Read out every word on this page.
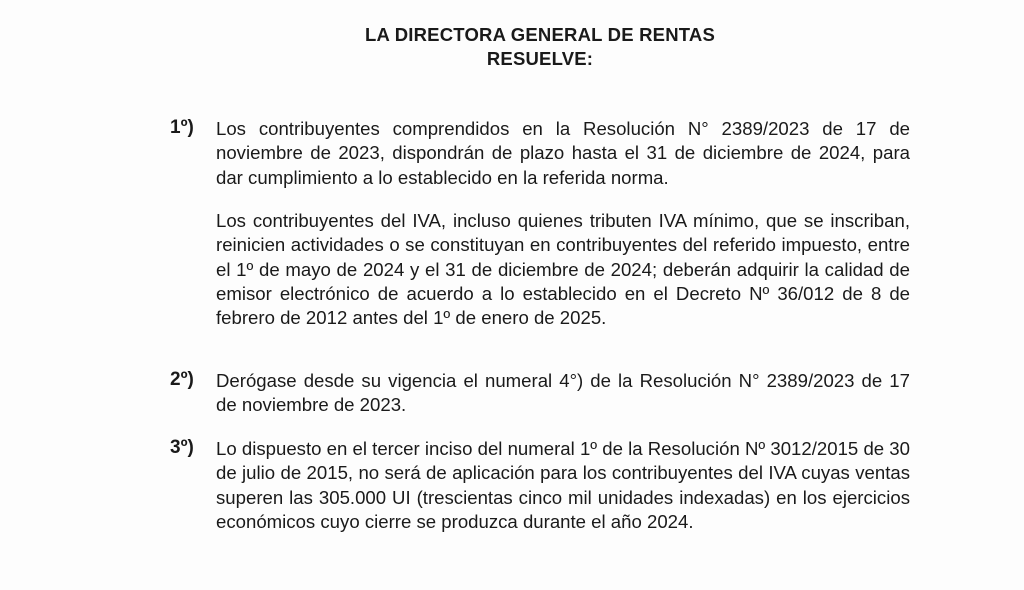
LA DIRECTORA GENERAL DE RENTAS
RESUELVE:
1º) Los contribuyentes comprendidos en la Resolución N° 2389/2023 de 17 de noviembre de 2023, dispondrán de plazo hasta el 31 de diciembre de 2024, para dar cumplimiento a lo establecido en la referida norma.
Los contribuyentes del IVA, incluso quienes tributen IVA mínimo, que se inscriban, reinicien actividades o se constituyan en contribuyentes del referido impuesto, entre el 1º de mayo de 2024 y el 31 de diciembre de 2024; deberán adquirir la calidad de emisor electrónico de acuerdo a lo establecido en el Decreto Nº 36/012 de 8 de febrero de 2012 antes del 1º de enero de 2025.
2º) Derógase desde su vigencia el numeral 4°) de la Resolución N° 2389/2023 de 17 de noviembre de 2023.
3º) Lo dispuesto en el tercer inciso del numeral 1º de la Resolución Nº 3012/2015 de 30 de julio de 2015, no será de aplicación para los contribuyentes del IVA cuyas ventas superen las 305.000 UI (trescientas cinco mil unidades indexadas) en los ejercicios económicos cuyo cierre se produzca durante el año 2024.
